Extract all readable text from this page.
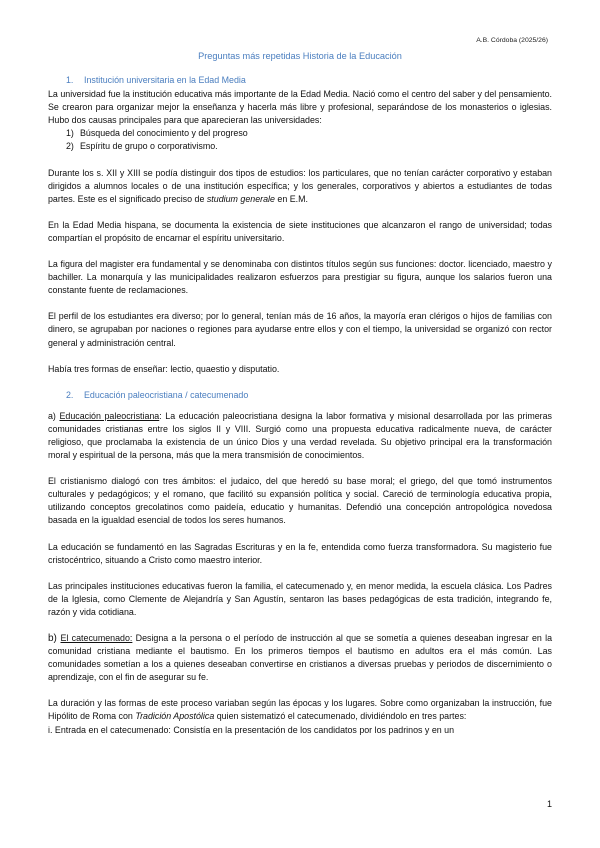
A.B. Córdoba (2025/26)
Preguntas más repetidas Historia de la Educación
1. Institución universitaria en la Edad Media

La universidad fue la institución educativa más importante de la Edad Media. Nació como el centro del saber y del pensamiento. Se crearon para organizar mejor la enseñanza y hacerla más libre y profesional, separándose de los monasterios o iglesias. Hubo dos causas principales para que aparecieran las universidades:

1) Búsqueda del conocimiento y del progreso
2) Espíritu de grupo o corporativismo.

Durante los s. XII y XIII se podía distinguir dos tipos de estudios: los particulares, que no tenían carácter corporativo y estaban dirigidos a alumnos locales o de una institución específica; y los generales, corporativos y abiertos a estudiantes de todas partes. Este es el significado preciso de studium generale en E.M.

En la Edad Media hispana, se documenta la existencia de siete instituciones que alcanzaron el rango de universidad; todas compartían el propósito de encarnar el espíritu universitario.

La figura del magister era fundamental y se denominaba con distintos títulos según sus funciones: doctor. licenciado, maestro y bachiller. La monarquía y las municipalidades realizaron esfuerzos para prestigiar su figura, aunque los salarios fueron una constante fuente de reclamaciones.

El perfil de los estudiantes era diverso; por lo general, tenían más de 16 años, la mayoría eran clérigos o hijos de familias con dinero, se agrupaban por naciones o regiones para ayudarse entre ellos y con el tiempo, la universidad se organizó con rector general y administración central.

Había tres formas de enseñar: lectio, quaestio y disputatio.

2. Educación paleocristiana / catecumenado

a) Educación paleocristiana: La educación paleocristiana designa la labor formativa y misional desarrollada por las primeras comunidades cristianas entre los siglos II y VIII. Surgió como una propuesta educativa radicalmente nueva, de carácter religioso, que proclamaba la existencia de un único Dios y una verdad revelada. Su objetivo principal era la transformación moral y espiritual de la persona, más que la mera transmisión de conocimientos.

El cristianismo dialogó con tres ámbitos: el judaico, del que heredó su base moral; el griego, del que tomó instrumentos culturales y pedagógicos; y el romano, que facilitó su expansión política y social. Careció de terminología educativa propia, utilizando conceptos grecolatinos como paideía, educatio y humanitas. Defendió una concepción antropológica novedosa basada en la igualdad esencial de todos los seres humanos.

La educación se fundamentó en las Sagradas Escrituras y en la fe, entendida como fuerza transformadora. Su magisterio fue cristocéntrico, situando a Cristo como maestro interior.

Las principales instituciones educativas fueron la familia, el catecumenado y, en menor medida, la escuela clásica. Los Padres de la Iglesia, como Clemente de Alejandría y San Agustín, sentaron las bases pedagógicas de esta tradición, integrando fe, razón y vida cotidiana.

b) El catecumenado: Designa a la persona o el período de instrucción al que se sometía a quienes deseaban ingresar en la comunidad cristiana mediante el bautismo. En los primeros tiempos el bautismo en adultos era el más común. Las comunidades sometían a los a quienes deseaban convertirse en cristianos a diversas pruebas y periodos de discernimiento o aprendizaje, con el fin de asegurar su fe.

La duración y las formas de este proceso variaban según las épocas y los lugares. Sobre como organizaban la instrucción, fue Hipólito de Roma con Tradición Apostólica quien sistematizó el catecumenado, dividiéndolo en tres partes:

i. Entrada en el catecumenado: Consistía en la presentación de los candidatos por los padrinos y en un

1
